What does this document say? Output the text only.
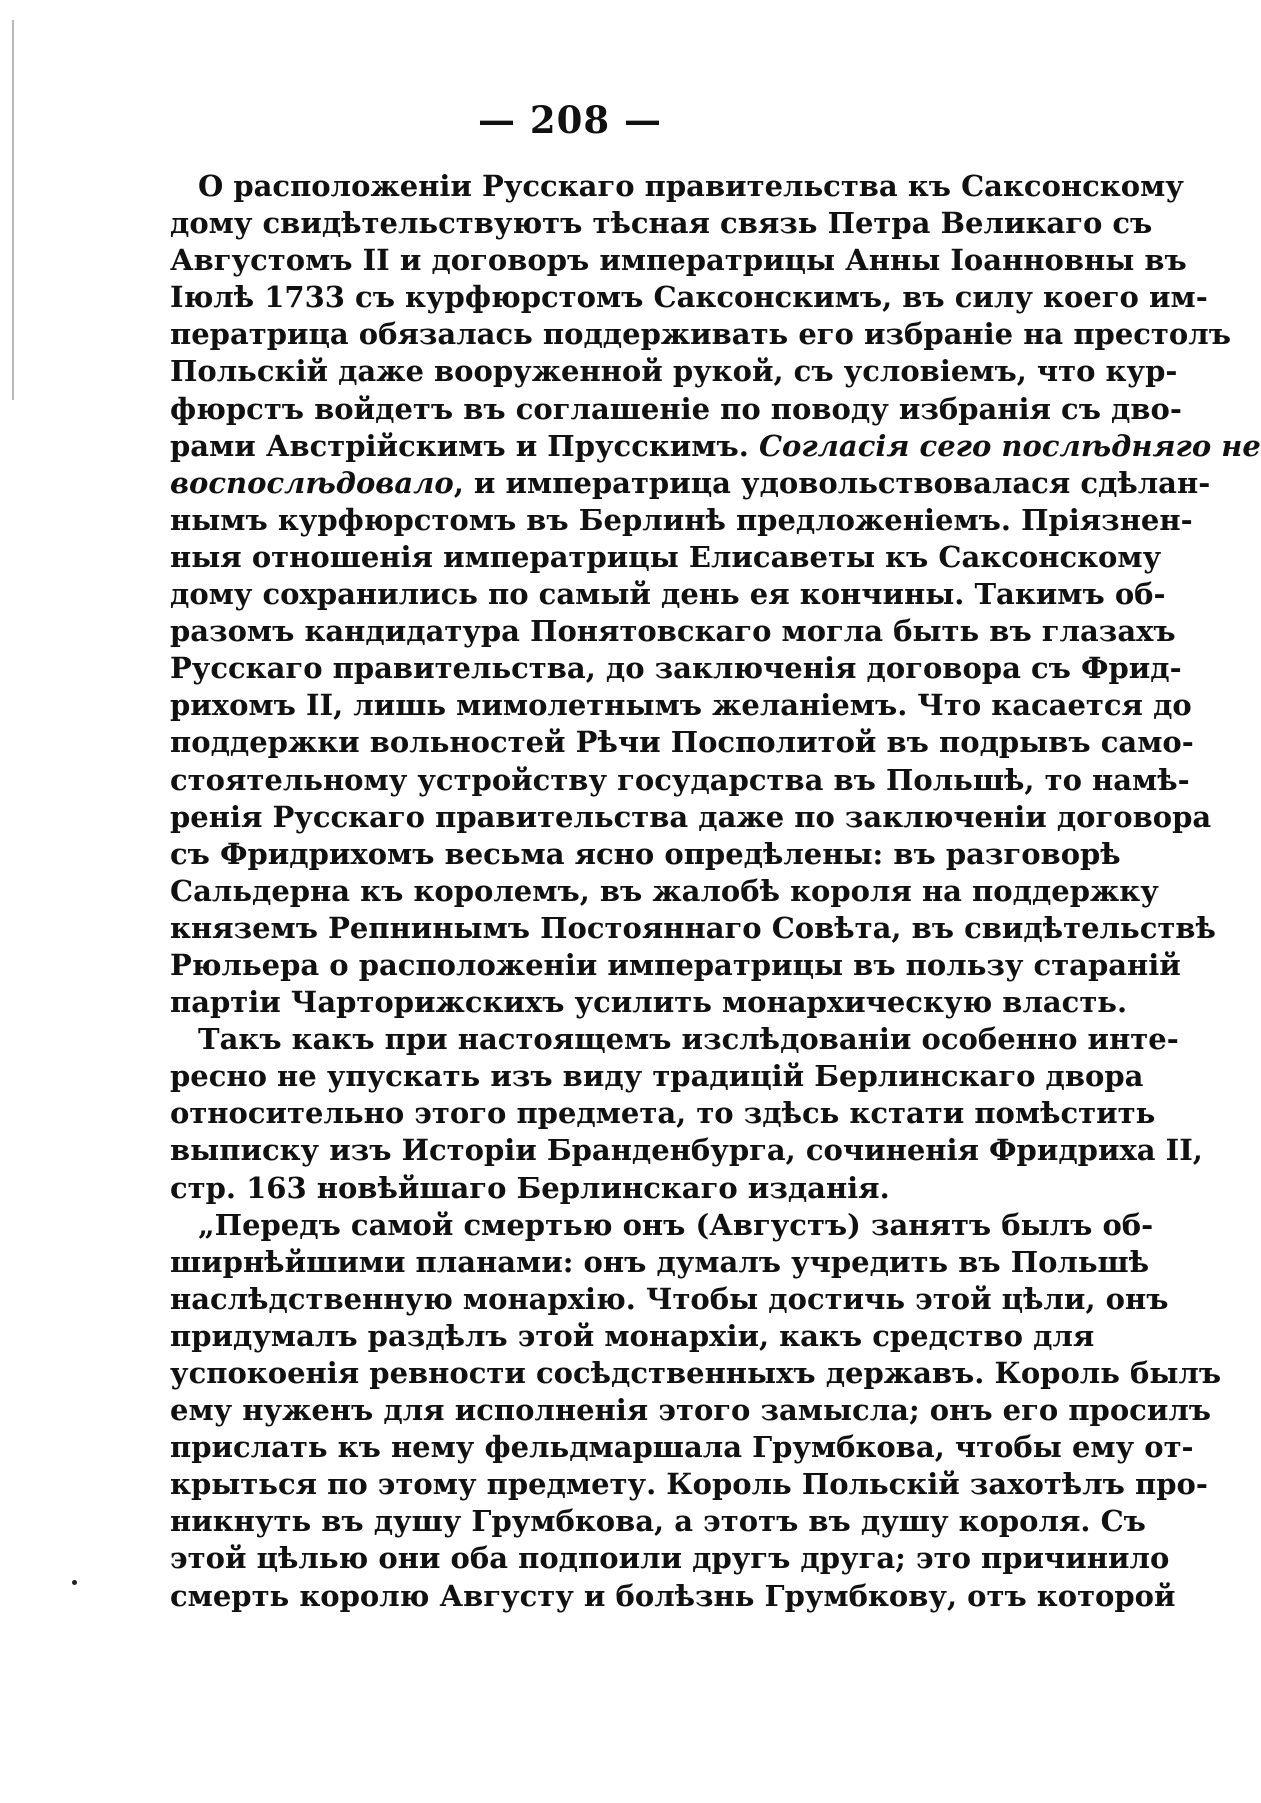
— 208 —
О расположеніи Русскаго правительства къ Саксонскому
дому свидѣтельствуютъ тѣсная связь Петра Великаго съ
Августомъ II и договоръ императрицы Анны Іоанновны въ
Іюлѣ 1733 съ курфюрстомъ Саксонскимъ, въ силу коего им-
ператрица обязалась поддерживать его избраніе на престолъ
Польскій даже вооруженной рукой, съ условіемъ, что кур-
фюрстъ войдетъ въ соглашеніе по поводу избранія съ дво-
рами Австрійскимъ и Прусскимъ. Согласія сего послѣдняго не
воспослѣдовало, и императрица удовольствовалася сдѣлан-
нымъ курфюрстомъ въ Берлинѣ предложеніемъ. Пріязнен-
ныя отношенія императрицы Елисаветы къ Саксонскому
дому сохранились по самый день ея кончины. Такимъ об-
разомъ кандидатура Понятовскаго могла быть въ глазахъ
Русскаго правительства, до заключенія договора съ Фрид-
рихомъ II, лишь мимолетнымъ желаніемъ. Что касается до
поддержки вольностей Рѣчи Посполитой въ подрывъ само-
стоятельному устройству государства въ Польшѣ, то намѣ-
ренія Русскаго правительства даже по заключеніи договора
съ Фридрихомъ весьма ясно опредѣлены: въ разговорѣ
Сальдерна къ королемъ, въ жалобѣ короля на поддержку
княземъ Репнинымъ Постояннаго Совѣта, въ свидѣтельствѣ
Рюльера о расположеніи императрицы въ пользу стараній
партіи Чарторижскихъ усилить монархическую власть.
Такъ какъ при настоящемъ изслѣдованіи особенно инте-
ресно не упускать изъ виду традицій Берлинскаго двора
относительно этого предмета, то здѣсь кстати помѣстить
выписку изъ Исторіи Бранденбурга, сочиненія Фридриха II,
стр. 163 новѣйшаго Берлинскаго изданія.
„Передъ самой смертью онъ (Августъ) занятъ былъ об-
ширнѣйшими планами: онъ думалъ учредить въ Польшѣ
наслѣдственную монархію. Чтобы достичь этой цѣли, онъ
придумалъ раздѣлъ этой монархіи, какъ средство для
успокоенія ревности сосѣдственныхъ державъ. Король былъ
ему нуженъ для исполненія этого замысла; онъ его просилъ
прислать къ нему фельдмаршала Грумбкова, чтобы ему от-
крыться по этому предмету. Король Польскій захотѣлъ про-
никнуть въ душу Грумбкова, а этотъ въ душу короля. Съ
этой цѣлью они оба подпоили другъ друга; это причинило
смерть королю Августу и болѣзнь Грумбкову, отъ которой
